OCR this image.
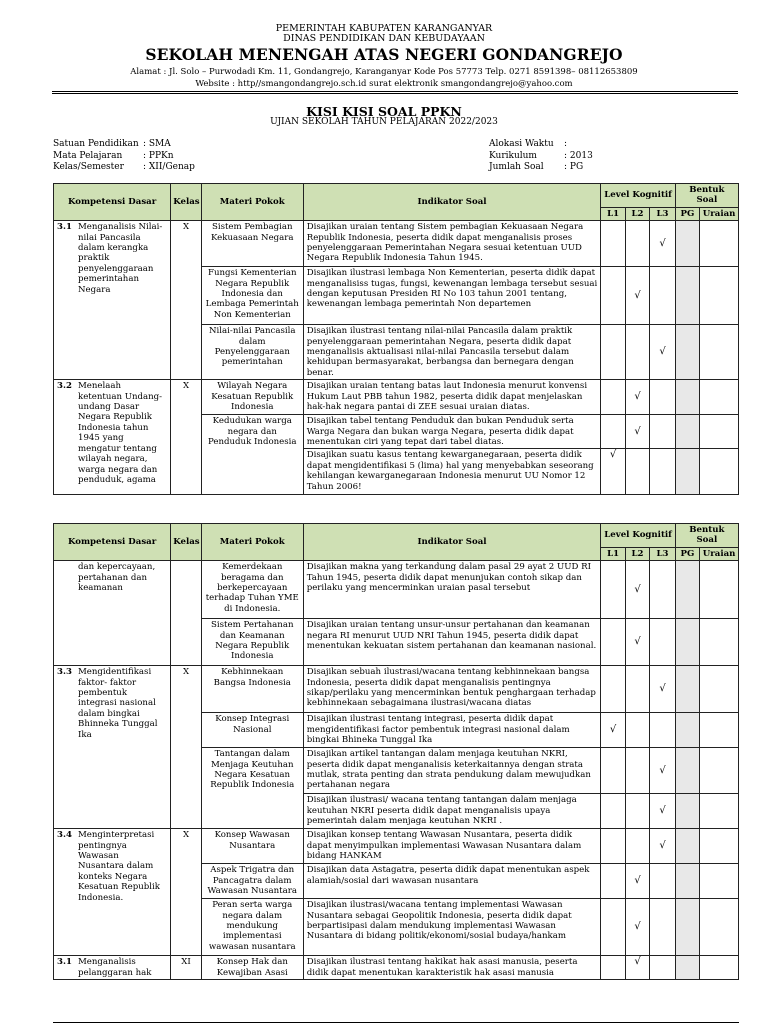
PEMERINTAH KABUPATEN KARANGANYAR
DINAS PENDIDIKAN DAN KEBUDAYAAN
SEKOLAH MENENGAH ATAS NEGERI GONDANGREJO
Alamat : Jl. Solo – Purwodadi Km. 11, Gondangrejo, Karanganyar Kode Pos 57773 Telp. 0271 8591398– 08112653809
Website : http//smangondangrejo.sch.id surat elektronik smangondangrejo@yahoo.com
KISI KISI SOAL PPKN
UJIAN SEKOLAH TAHUN PELAJARAN 2022/2023
Satuan Pendidikan : SMA
Mata Pelajaran	: PPKn
Kelas/Semester	: XII/Genap
Alokasi Waktu	:
Kurikulum	: 2013
Jumlah Soal	: PG
Kompetensi Dasar	Kelas	Materi Pokok	Indikator Soal	Level Kognitif			Bentuk Soal	
				L1	L2	L3	PG	Uraian

3.1 Menganalisis Nilai-nilai Pancasila dalam kerangka praktik penyelenggaraan pemerintahan Negara	X	Sistem Pembagian Kekuasaan Negara	Disajikan uraian tentang Sistem pembagian Kekuasaan Negara Republik Indonesia, peserta didik dapat menganalisis proses penyelenggaraan Pemerintahan Negara sesuai ketentuan UUD Negara Republik Indonesia Tahun 1945.			√		
		Fungsi Kementerian Negara Republik Indonesia dan Lembaga Pemerintah Non Kementerian	Disajikan ilustrasi lembaga Non Kementerian, peserta didik dapat menganalisiss tugas, fungsi, kewenangan lembaga tersebut sesuai dengan keputusan Presiden RI No 103 tahun 2001 tentang, kewenangan lembaga pemerintah Non departemen		√			
		Nilai-nilai Pancasila dalam Penyelenggaraan pemerintahan	Disajikan ilustrasi tentang nilai-nilai Pancasila dalam praktik penyelenggaraan pemerintahan Negara, peserta didik dapat menganalisis aktualisasi nilai-nilai Pancasila tersebut dalam kehidupan bermasyarakat, berbangsa dan bernegara dengan benar.			√		

3.2 Menelaah ketentuan Undang-undang Dasar Negara Republik Indonesia tahun 1945 yang mengatur tentang wilayah negara, warga negara dan penduduk, agama	X	Wilayah Negara Kesatuan Republik Indonesia	Disajikan uraian tentang batas laut Indonesia menurut konvensi Hukum Laut PBB tahun 1982, peserta didik dapat menjelaskan hak-hak negara pantai di ZEE sesuai uraian diatas.		√			
		Kedudukan warga negara dan Penduduk Indonesia	Disajikan tabel tentang Penduduk dan bukan Penduduk serta Warga Negara dan bukan warga Negara, peserta didik dapat menentukan ciri yang tepat dari tabel diatas.		√			
			Disajikan suatu kasus tentang kewarganegaraan, peserta didik dapat mengidentifikasi 5 (lima) hal yang menyebabkan seseorang kehilangan kewarganegaraan Indonesia menurut UU Nomor 12 Tahun 2006!	√				
Kompetensi Dasar	Kelas	Materi Pokok	Indikator Soal	Level Kognitif			Bentuk Soal	
				L1	L2	L3	PG	Uraian

dan kepercayaan, pertahanan dan keamanan		Kemerdekaan beragama dan berkepercayaan terhadap Tuhan YME di Indonesia.	Disajikan makna yang terkandung dalam pasal 29 ayat 2 UUD RI Tahun 1945, peserta didik dapat menunjukan contoh sikap dan perilaku yang mencerminkan uraian pasal tersebut		√			
		Sistem Pertahanan dan Keamanan Negara Republik Indonesia	Disajikan uraian tentang unsur-unsur pertahanan dan keamanan negara RI menurut UUD NRI Tahun 1945, peserta didik dapat menentukan kekuatan sistem pertahanan dan keamanan nasional.		√			

3.3 Mengidentifikasi faktor- faktor pembentuk integrasi nasional dalam bingkai Bhinneka Tunggal Ika	X	Kebhinnekaan Bangsa Indonesia	Disajikan sebuah ilustrasi/wacana tentang kebhinnekaan bangsa Indonesia, peserta didik dapat menganalisis pentingnya sikap/perilaku yang mencerminkan bentuk penghargaan terhadap kebhinnekaan sebagaimana ilustrasi/wacana diatas			√		
		Konsep Integrasi Nasional	Disajikan ilustrasi tentang integrasi, peserta didik dapat mengidentifikasi factor pembentuk integrasi nasional dalam bingkai Bhineka Tunggal Ika	√				
		Tantangan dalam Menjaga Keutuhan Negara Kesatuan Republik Indonesia	Disajikan artikel tantangan dalam menjaga keutuhan NKRI, peserta didik dapat menganalisis keterkaitannya dengan strata mutlak, strata penting dan strata pendukung dalam mewujudkan pertahanan negara			√		
			Disajikan ilustrasi/ wacana tentang tantangan dalam menjaga keutuhan NKRI peserta didik dapat menganalisis upaya pemerintah dalam menjaga keutuhan NKRI .			√		

3.4 Menginterpretasi pentingnya Wawasan Nusantara dalam konteks Negara Kesatuan Republik Indonesia.	X	Konsep Wawasan Nusantara	Disajikan konsep tentang Wawasan Nusantara, peserta didik dapat menyimpulkan implementasi Wawasan Nusantara dalam bidang HANKAM			√		
		Aspek Trigatra dan Pancagatra dalam Wawasan Nusantara	Disajikan data Astagatra, peserta didik dapat menentukan aspek alamiah/sosial dari wawasan nusantara		√			
		Peran serta warga negara dalam mendukung implementasi wawasan nusantara	Disajikan ilustrasi/wacana tentang implementasi Wawasan Nusantara sebagai Geopolitik Indonesia, peserta didik dapat berpartisipasi dalam mendukung implementasi Wawasan Nusantara di bidang politik/ekonomi/sosial budaya/hankam		√			

3.1 Menganalisis pelanggaran hak	XI	Konsep Hak dan Kewajiban Asasi	Disajikan ilustrasi tentang hakikat hak asasi manusia, peserta didik dapat menentukan karakteristik hak asasi manusia		√			
